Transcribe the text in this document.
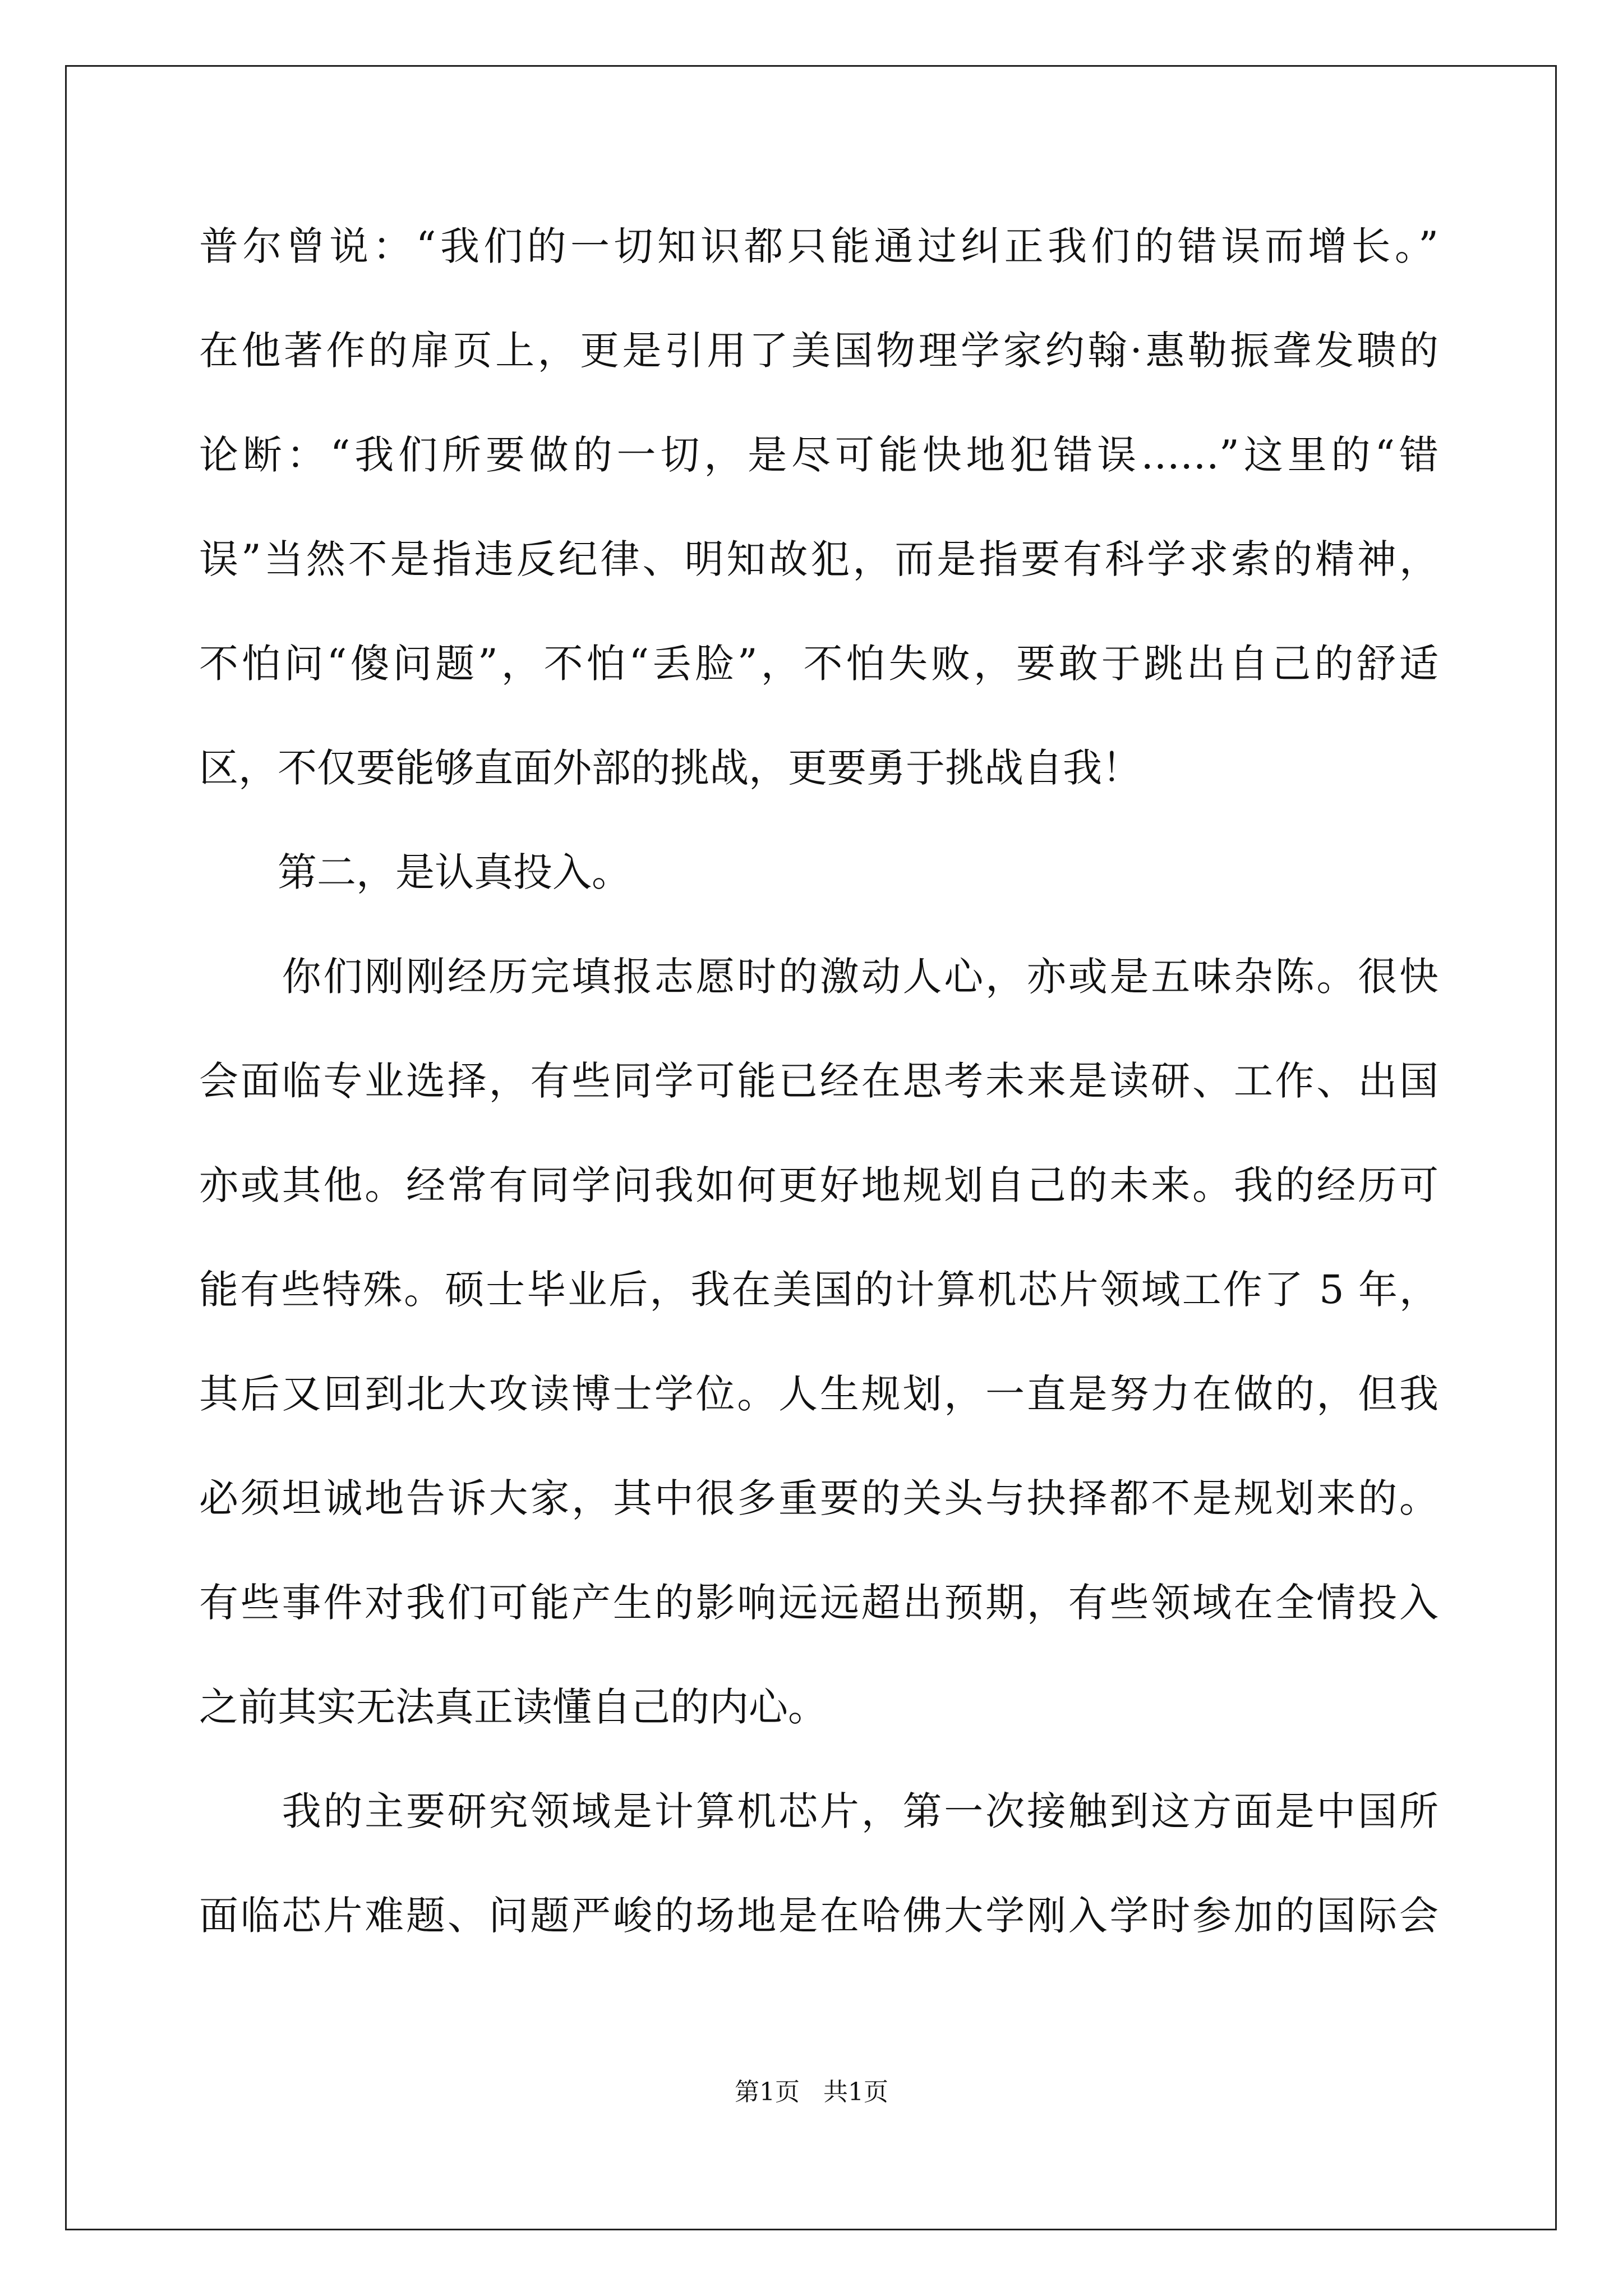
普尔曾说：“我们的一切知识都只能通过纠正我们的错误而增长。”
在他著作的扉页上，更是引用了美国物理学家约翰·惠勒振聋发聩的
论断：“我们所要做的一切，是尽可能快地犯错误……”这里的“错
误”当然不是指违反纪律、明知故犯，而是指要有科学求索的精神，
不怕问“傻问题”，不怕“丢脸”，不怕失败，要敢于跳出自己的舒适
区，不仅要能够直面外部的挑战，更要勇于挑战自我！
　　第二，是认真投入。
　　你们刚刚经历完填报志愿时的激动人心，亦或是五味杂陈。很快
会面临专业选择，有些同学可能已经在思考未来是读研、工作、出国
亦或其他。经常有同学问我如何更好地规划自己的未来。我的经历可
能有些特殊。硕士毕业后，我在美国的计算机芯片领域工作了 5 年，
其后又回到北大攻读博士学位。人生规划，一直是努力在做的，但我
必须坦诚地告诉大家，其中很多重要的关头与抉择都不是规划来的。
有些事件对我们可能产生的影响远远超出预期，有些领域在全情投入
之前其实无法真正读懂自己的内心。
　　我的主要研究领域是计算机芯片，第一次接触到这方面是中国所
面临芯片难题、问题严峻的场地是在哈佛大学刚入学时参加的国际会
第1页   共1页
